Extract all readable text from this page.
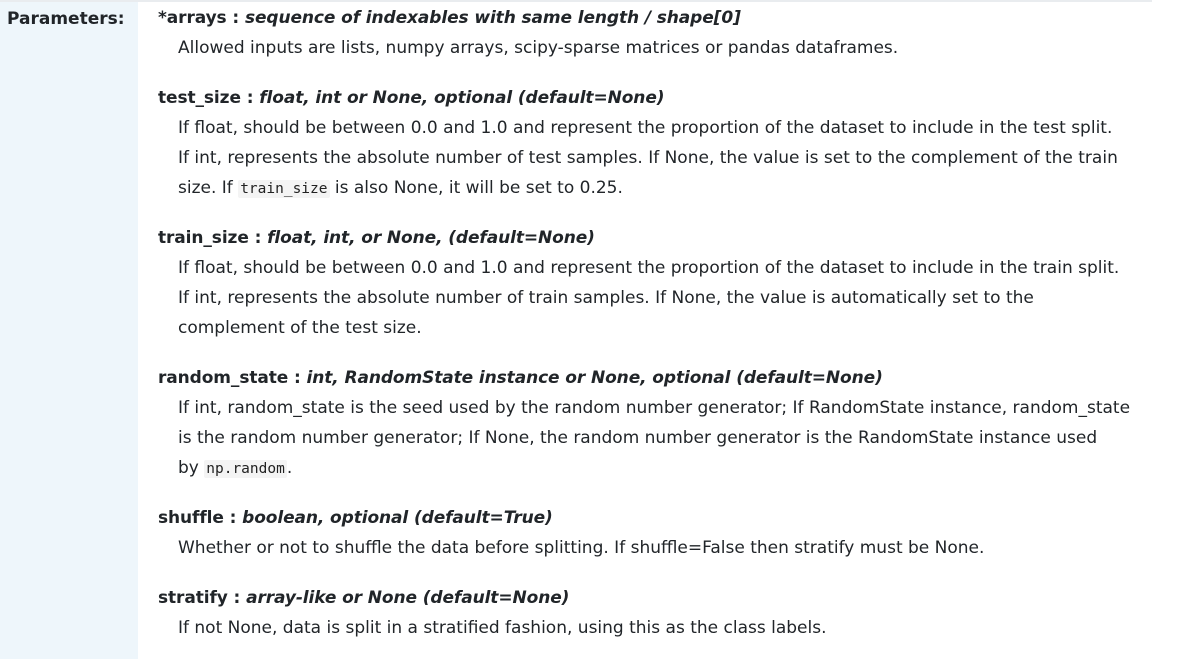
Parameters:	*arrays : sequence of indexables with same length / shape[0]
Allowed inputs are lists, numpy arrays, scipy-sparse matrices or pandas dataframes.
test_size : float, int or None, optional (default=None)
If float, should be between 0.0 and 1.0 and represent the proportion of the dataset to include in the test split.
If int, represents the absolute number of test samples. If None, the value is set to the complement of the train
size. If train_size is also None, it will be set to 0.25.
train_size : float, int, or None, (default=None)
If float, should be between 0.0 and 1.0 and represent the proportion of the dataset to include in the train split.
If int, represents the absolute number of train samples. If None, the value is automatically set to the
complement of the test size.
random_state : int, RandomState instance or None, optional (default=None)
If int, random_state is the seed used by the random number generator; If RandomState instance, random_state
is the random number generator; If None, the random number generator is the RandomState instance used
by np.random .
shuffle : boolean, optional (default=True)
Whether or not to shuffle the data before splitting. If shuffle=False then stratify must be None.
stratify : array-like or None (default=None)
If not None, data is split in a stratified fashion, using this as the class labels.
